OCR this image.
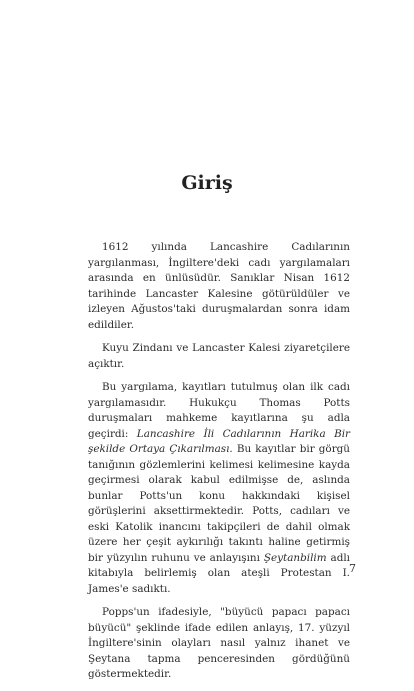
Giriş

1612 yılında Lancashire Cadılarının yargılanması, İngiltere'deki cadı yargılamaları arasında en ünlüsüdür. Sanıklar Nisan 1612 tarihinde Lancaster Kalesine götürüldüler ve izleyen Ağustos'taki duruşmalardan sonra idam edildiler.

Kuyu Zindanı ve Lancaster Kalesi ziyaretçilere açıktır.

Bu yargılama, kayıtları tutulmuş olan ilk cadı yargılamasıdır. Hukukçu Thomas Potts duruşmaları mahkeme kayıtlarına şu adla geçirdi: Lancashire İli Cadılarının Harika Bir şekilde Ortaya Çıkarılması. Bu kayıtlar bir görgü tanığının gözlemlerini kelimesi kelimesine kayda geçirmesi olarak kabul edilmişse de, aslında bunlar Potts'un konu hakkındaki kişisel görüşlerini aksettirmektedir. Potts, cadıları ve eski Katolik inancını takipçileri de dahil olmak üzere her çeşit aykırılığı takıntı haline getirmiş bir yüzyılın ruhunu ve anlayışını Şeytanbilim adlı kitabıyla belirlemiş olan ateşli Protestan I. James'e sadıktı.

Popps'un ifadesiyle, "büyücü papacı papacı büyücü" şeklinde ifade edilen anlayış, 17. yüzyıl İngiltere'sinin olayları nasıl yalnız ihanet ve Şeytana tapma penceresinden gördüğünü göstermektedir.

7
